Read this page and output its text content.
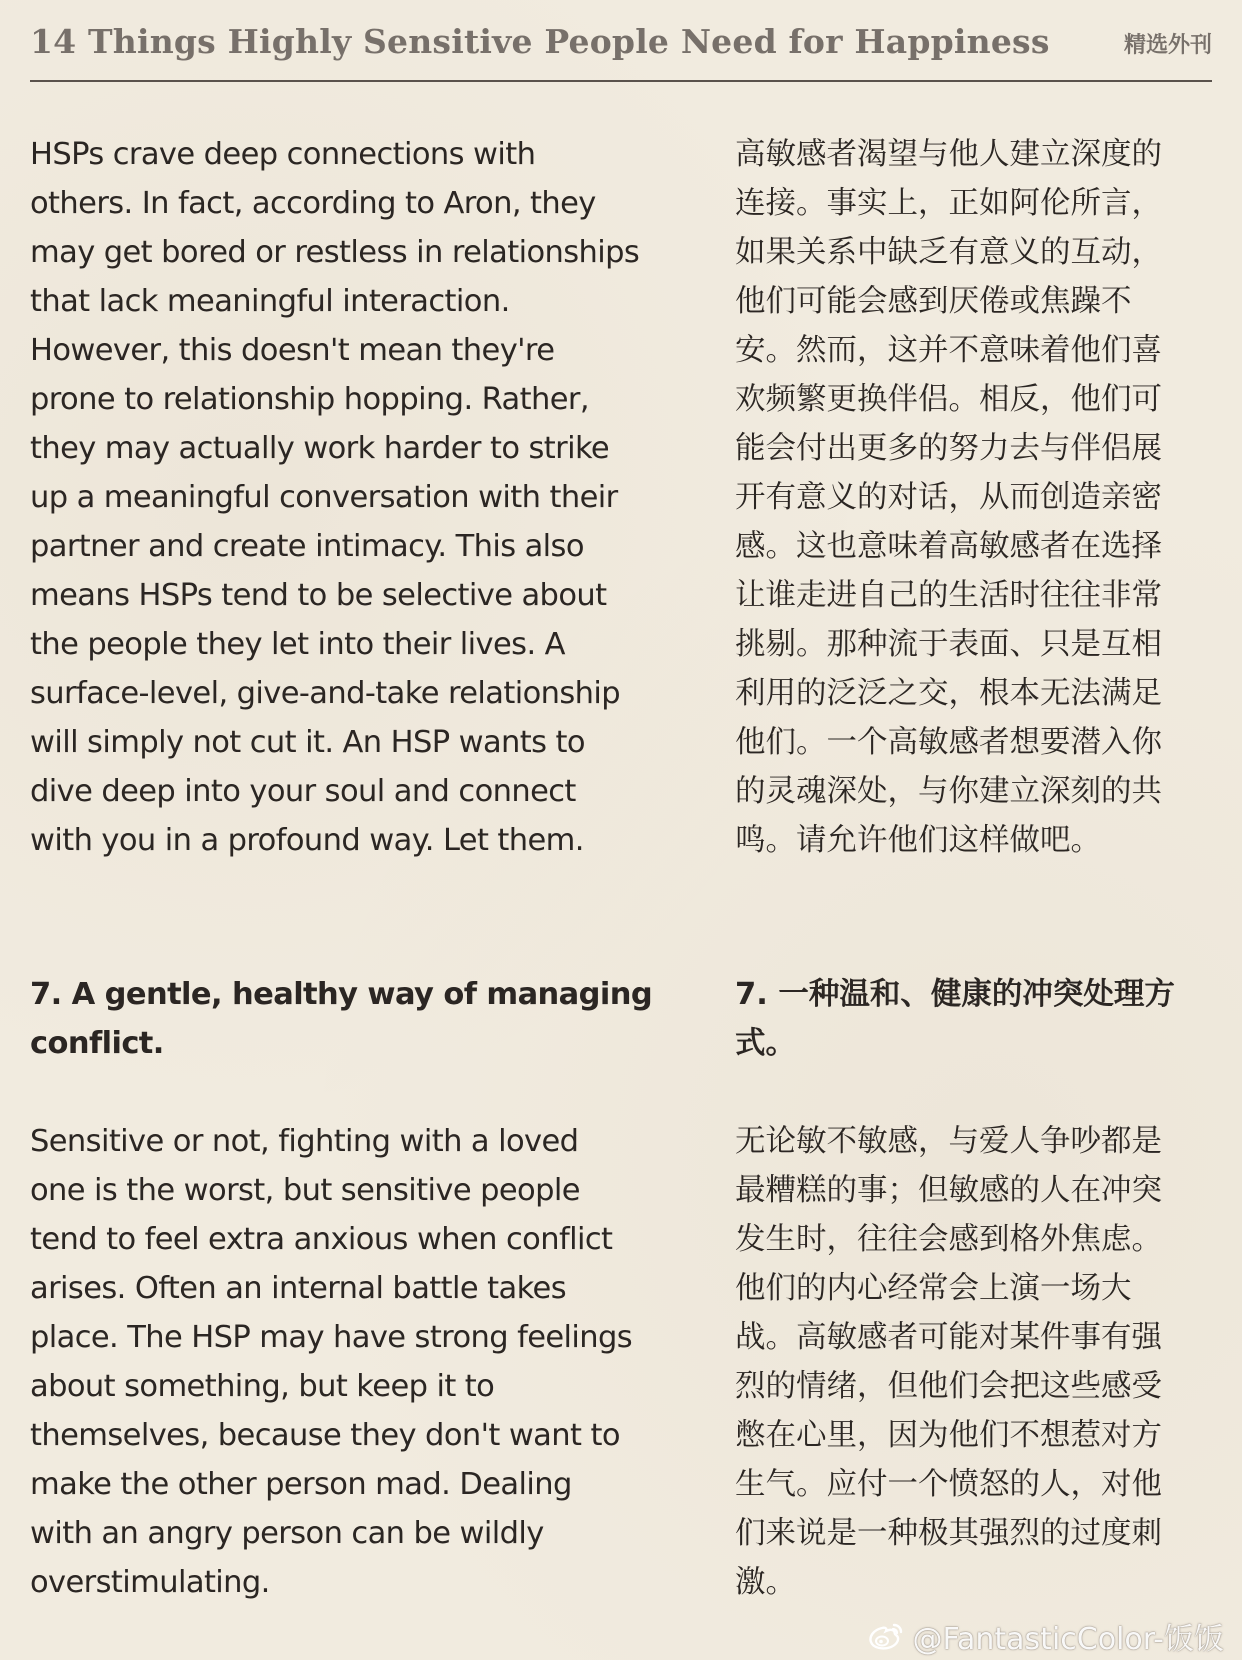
14 Things Highly Sensitive People Need for Happiness	精选外刊
HSPs crave deep connections with
others. In fact, according to Aron, they
may get bored or restless in relationships
that lack meaningful interaction.
However, this doesn't mean they're
prone to relationship hopping. Rather,
they may actually work harder to strike
up a meaningful conversation with their
partner and create intimacy. This also
means HSPs tend to be selective about
the people they let into their lives. A
surface-level, give-and-take relationship
will simply not cut it. An HSP wants to
dive deep into your soul and connect
with you in a profound way. Let them.
7. A gentle, healthy way of managing
conflict.
Sensitive or not, fighting with a loved
one is the worst, but sensitive people
tend to feel extra anxious when conflict
arises. Often an internal battle takes
place. The HSP may have strong feelings
about something, but keep it to
themselves, because they don't want to
make the other person mad. Dealing
with an angry person can be wildly
overstimulating.
高敏感者渴望与他人建立深度的
连接。事实上，正如阿伦所言，
如果关系中缺乏有意义的互动，
他们可能会感到厌倦或焦躁不
安。然而，这并不意味着他们喜
欢频繁更换伴侣。相反，他们可
能会付出更多的努力去与伴侣展
开有意义的对话，从而创造亲密
感。这也意味着高敏感者在选择
让谁走进自己的生活时往往非常
挑剔。那种流于表面、只是互相
利用的泛泛之交，根本无法满足
他们。一个高敏感者想要潜入你
的灵魂深处，与你建立深刻的共
鸣。请允许他们这样做吧。
7. 一种温和、健康的冲突处理方
式。
无论敏不敏感，与爱人争吵都是
最糟糕的事；但敏感的人在冲突
发生时，往往会感到格外焦虑。
他们的内心经常会上演一场大
战。高敏感者可能对某件事有强
烈的情绪，但他们会把这些感受
憋在心里，因为他们不想惹对方
生气。应付一个愤怒的人，对他
们来说是一种极其强烈的过度刺
激。
@FantasticColor-饭饭
